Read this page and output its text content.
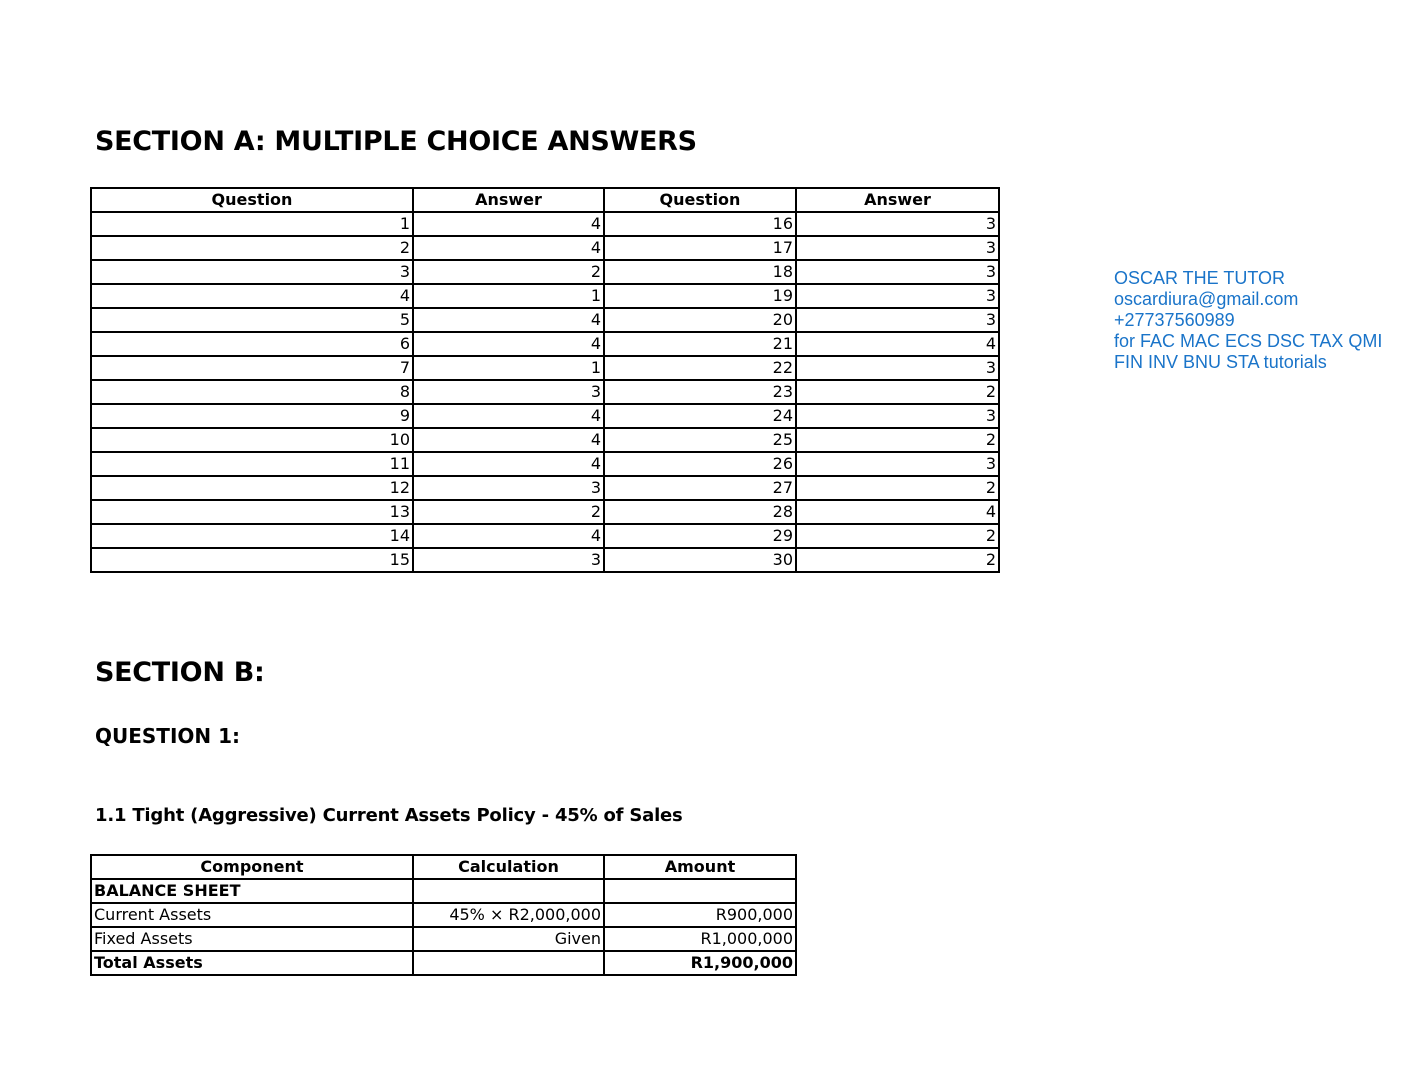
SECTION A: MULTIPLE CHOICE ANSWERS
Question	Answer	Question	Answer
1	4	16	3
2	4	17	3
3	2	18	3
4	1	19	3
5	4	20	3
6	4	21	4
7	1	22	3
8	3	23	2
9	4	24	3
10	4	25	2
11	4	26	3
12	3	27	2
13	2	28	4
14	4	29	2
15	3	30	2
OSCAR THE TUTOR
oscardiura@gmail.com
+27737560989
for FAC MAC ECS DSC TAX QMI
FIN INV BNU STA tutorials
SECTION B:
QUESTION 1:
1.1 Tight (Aggressive) Current Assets Policy - 45% of Sales
Component	Calculation	Amount
BALANCE SHEET		
Current Assets	45% × R2,000,000	R900,000
Fixed Assets	Given	R1,000,000
Total Assets		R1,900,000
